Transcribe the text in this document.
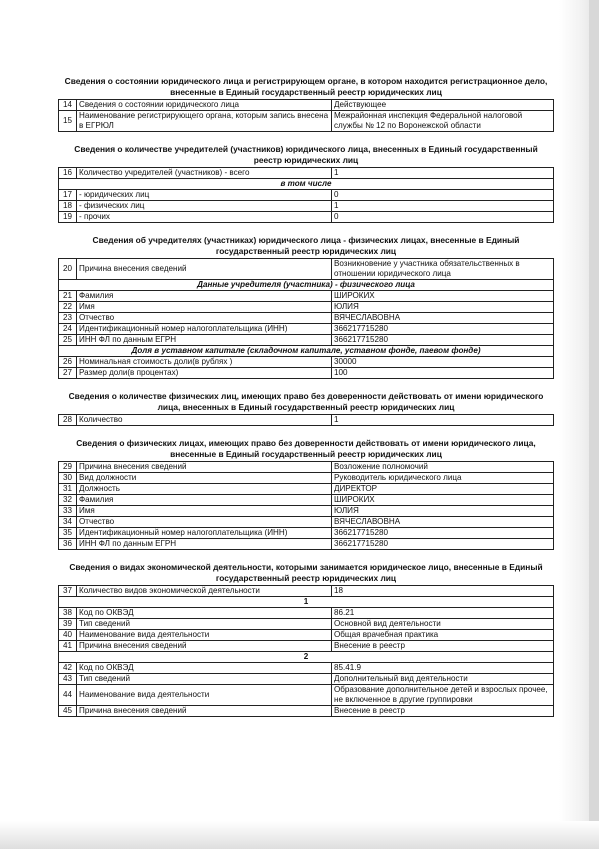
Сведения о состоянии юридического лица и регистрирующем органе, в котором находится регистрационное дело, внесенные в Единый государственный реестр юридических лиц
14	Сведения о состоянии юридического лица	Действующее
15	Наименование регистрирующего органа, которым запись внесена в ЕГРЮЛ	Межрайонная инспекция Федеральной налоговой службы № 12 по Воронежской области
Сведения о количестве учредителей (участников) юридического лица, внесенных в Единый государственный реестр юридических лиц
16	Количество учредителей (участников) - всего	1
в том числе		
17	- юридических лиц	0
18	- физических лиц	1
19	- прочих	0
Сведения об учредителях (участниках) юридического лица - физических лицах, внесенные в Единый государственный реестр юридических лиц
20	Причина внесения сведений	Возникновение у участника обязательственных в отношении юридического лица
Данные учредителя (участника) - физического лица		
21	Фамилия	ШИРОКИХ
22	Имя	ЮЛИЯ
23	Отчество	ВЯЧЕСЛАВОВНА
24	Идентификационный номер налогоплательщика (ИНН)	366217715280
25	ИНН ФЛ по данным ЕГРН	366217715280
Доля в уставном капитале (складочном капитале, уставном фонде, паевом фонде)		
26	Номинальная стоимость доли(в рублях )	30000
27	Размер доли(в процентах)	100
Сведения о количестве физических лиц, имеющих право без доверенности действовать от имени юридического лица, внесенных в Единый государственный реестр юридических лиц
28	Количество	1
Сведения о физических лицах, имеющих право без доверенности действовать от имени юридического лица, внесенные в Единый государственный реестр юридических лиц
29	Причина внесения сведений	Возложение полномочий
30	Вид должности	Руководитель юридического лица
31	Должность	ДИРЕКТОР
32	Фамилия	ШИРОКИХ
33	Имя	ЮЛИЯ
34	Отчество	ВЯЧЕСЛАВОВНА
35	Идентификационный номер налогоплательщика (ИНН)	366217715280
36	ИНН ФЛ по данным ЕГРН	366217715280
Сведения о видах экономической деятельности, которыми занимается юридическое лицо, внесенные в Единый государственный реестр юридических лиц
37	Количество видов экономической деятельности	18
1		
38	Код по ОКВЭД	86.21
39	Тип сведений	Основной вид деятельности
40	Наименование вида деятельности	Общая врачебная практика
41	Причина внесения сведений	Внесение в реестр
2		
42	Код по ОКВЭД	85.41.9
43	Тип сведений	Дополнительный вид деятельности
44	Наименование вида деятельности	Образование дополнительное детей и взрослых прочее, не включенное в другие группировки
45	Причина внесения сведений	Внесение в реестр
